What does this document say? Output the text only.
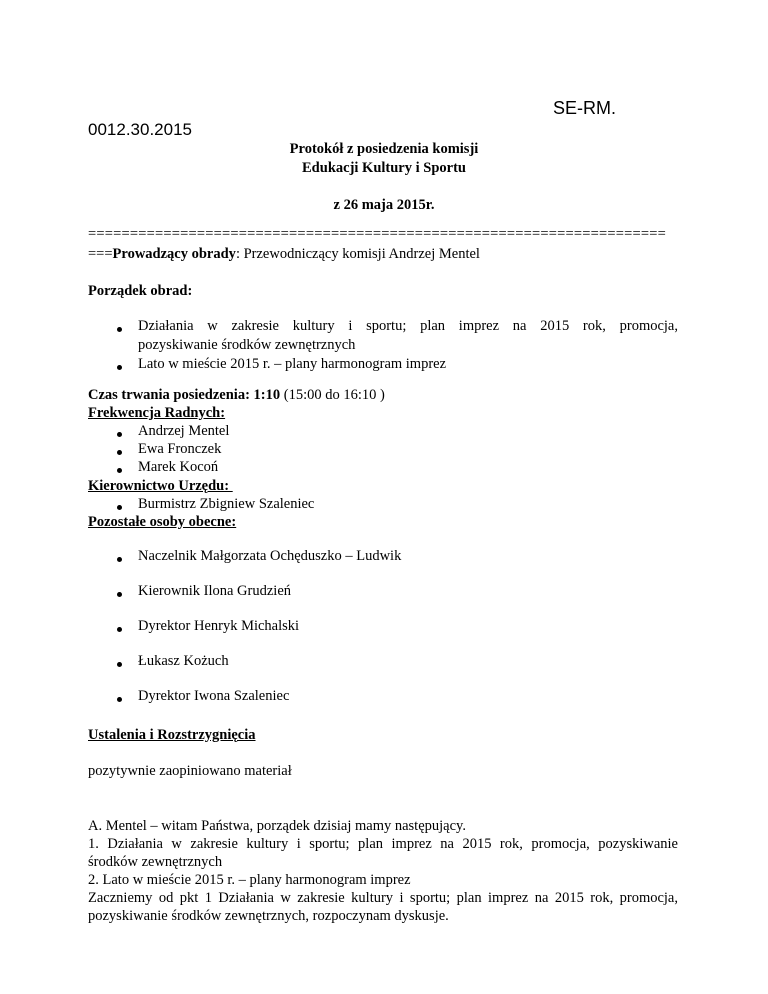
SE-RM.
0012.30.2015
Protokół z posiedzenia komisji
Edukacji Kultury i Sportu
z 26 maja 2015r.
=====================================================================
===Prowadzący obrady: Przewodniczący komisji Andrzej Mentel
Porządek obrad:
Działania w zakresie kultury i sportu; plan imprez na 2015 rok, promocja,
pozyskiwanie środków zewnętrznych
Lato w mieście 2015 r. – plany harmonogram imprez
Czas trwania posiedzenia: 1:10 (15:00 do 16:10 )
Frekwencja Radnych:
Andrzej Mentel
Ewa Fronczek
Marek Kocoń
Kierownictwo Urzędu:
Burmistrz Zbigniew Szaleniec
Pozostałe osoby obecne:
Naczelnik Małgorzata Ochęduszko – Ludwik
Kierownik Ilona Grudzień
Dyrektor Henryk Michalski
Łukasz Kożuch
Dyrektor Iwona Szaleniec
Ustalenia i Rozstrzygnięcia
pozytywnie zaopiniowano materiał
A. Mentel – witam Państwa, porządek dzisiaj mamy następujący.
1. Działania w zakresie kultury i sportu; plan imprez na 2015 rok, promocja, pozyskiwanie
środków zewnętrznych
2. Lato w mieście 2015 r. – plany harmonogram imprez
Zaczniemy od pkt 1 Działania w zakresie kultury i sportu; plan imprez na 2015 rok, promocja,
pozyskiwanie środków zewnętrznych, rozpoczynam dyskusje.
